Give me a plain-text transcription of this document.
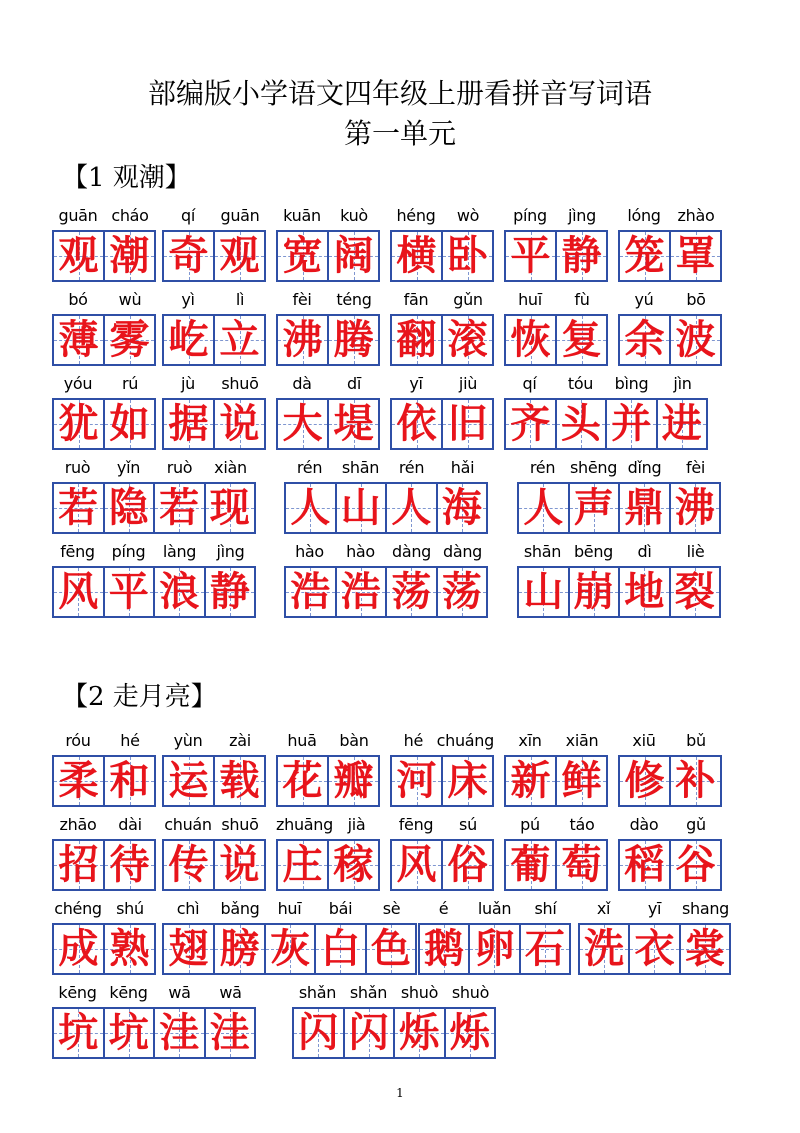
部编版小学语文四年级上册看拼音写词语
第一单元
【1 观潮】
【2 走月亮】
guān cháo
观 潮
qí	guān
奇 观
kuān	kuò
宽 阔
héng	wò
横 卧
píng	jìng
平 静
lóng	zhào
笼 罩
bó	wù
薄 雾
yì	lì
屹 立
fèi	téng
沸 腾
fān	gǔn
翻 滚
huī	fù
恢 复
yú	bō
余 波
yóu	rú
犹 如
jù	shuō
据 说
dà	dī
大 堤
yī	jiù
依 旧
qí	tóu	bìng	jìn
齐 头 并 进
ruò	yǐn	ruò	xiàn
若 隐 若 现
rén	shān	rén	hǎi
人 山 人 海
rén shēng dǐng	fèi
人 声 鼎 沸
fēng	píng	làng	jìng
风 平 浪 静
hào	hào	dàng dàng
浩 浩 荡 荡
shān bēng	dì	liè
山 崩 地 裂
róu	hé
柔 和
yùn	zài
运 载
huā	bàn
花 瓣
hé chuáng
河 床
xīn	xiān
新 鲜
xiū	bǔ
修 补
zhāo	dài
招 待
chuán shuō
传 说
zhuāng jià
庄 稼
fēng	sú
风 俗
pú	táo
葡 萄
dào	gǔ
稻 谷
chéng shú
成 熟
chì	bǎng
翅 膀
huī	bái	sè
灰 白 色
é	luǎn	shí
鹅 卵 石
xǐ	yī	shang
洗 衣 裳
kēng kēng	wā	wā
坑 坑 洼 洼
shǎn shǎn shuò shuò
闪 闪 烁 烁
1
